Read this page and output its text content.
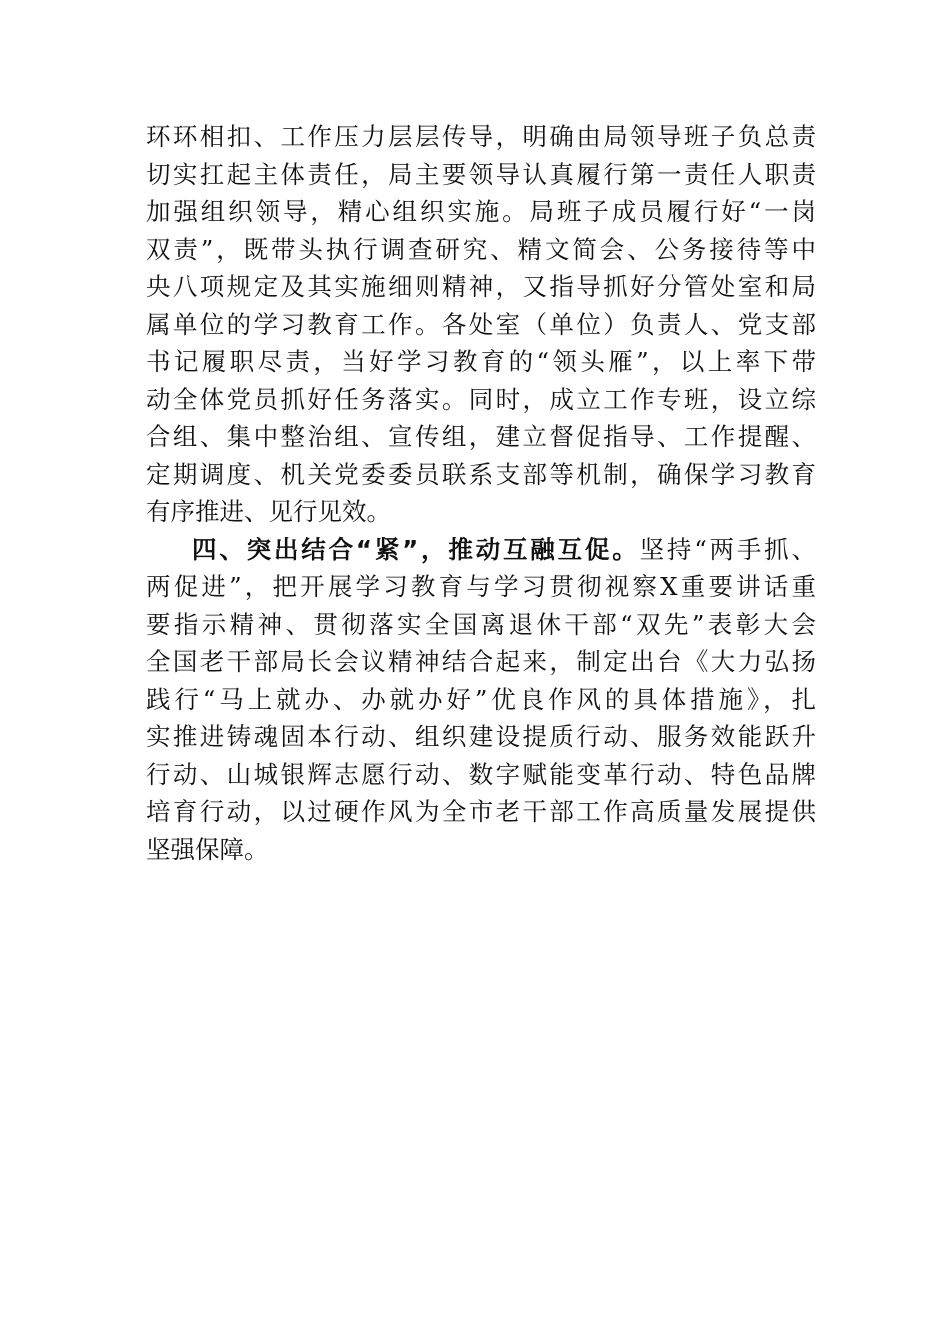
环环相扣、工作压力层层传导，明确由局领导班子负总责
切实扛起主体责任，局主要领导认真履行第一责任人职责
加强组织领导，精心组织实施。局班子成员履行好“一岗
双责”，既带头执行调查研究、精文简会、公务接待等中
央八项规定及其实施细则精神，又指导抓好分管处室和局
属单位的学习教育工作。各处室（单位）负责人、党支部
书记履职尽责，当好学习教育的“领头雁”，以上率下带
动全体党员抓好任务落实。同时，成立工作专班，设立综
合组、集中整治组、宣传组，建立督促指导、工作提醒、
定期调度、机关党委委员联系支部等机制，确保学习教育
有序推进、见行见效。
四、突出结合“紧”，推动互融互促。坚持“两手抓、
两促进”，把开展学习教育与学习贯彻视察X重要讲话重
要指示精神、贯彻落实全国离退休干部“双先”表彰大会
全国老干部局长会议精神结合起来，制定出台《大力弘扬
践行“马上就办、办就办好”优良作风的具体措施》，扎
实推进铸魂固本行动、组织建设提质行动、服务效能跃升
行动、山城银辉志愿行动、数字赋能变革行动、特色品牌
培育行动，以过硬作风为全市老干部工作高质量发展提供
坚强保障。
